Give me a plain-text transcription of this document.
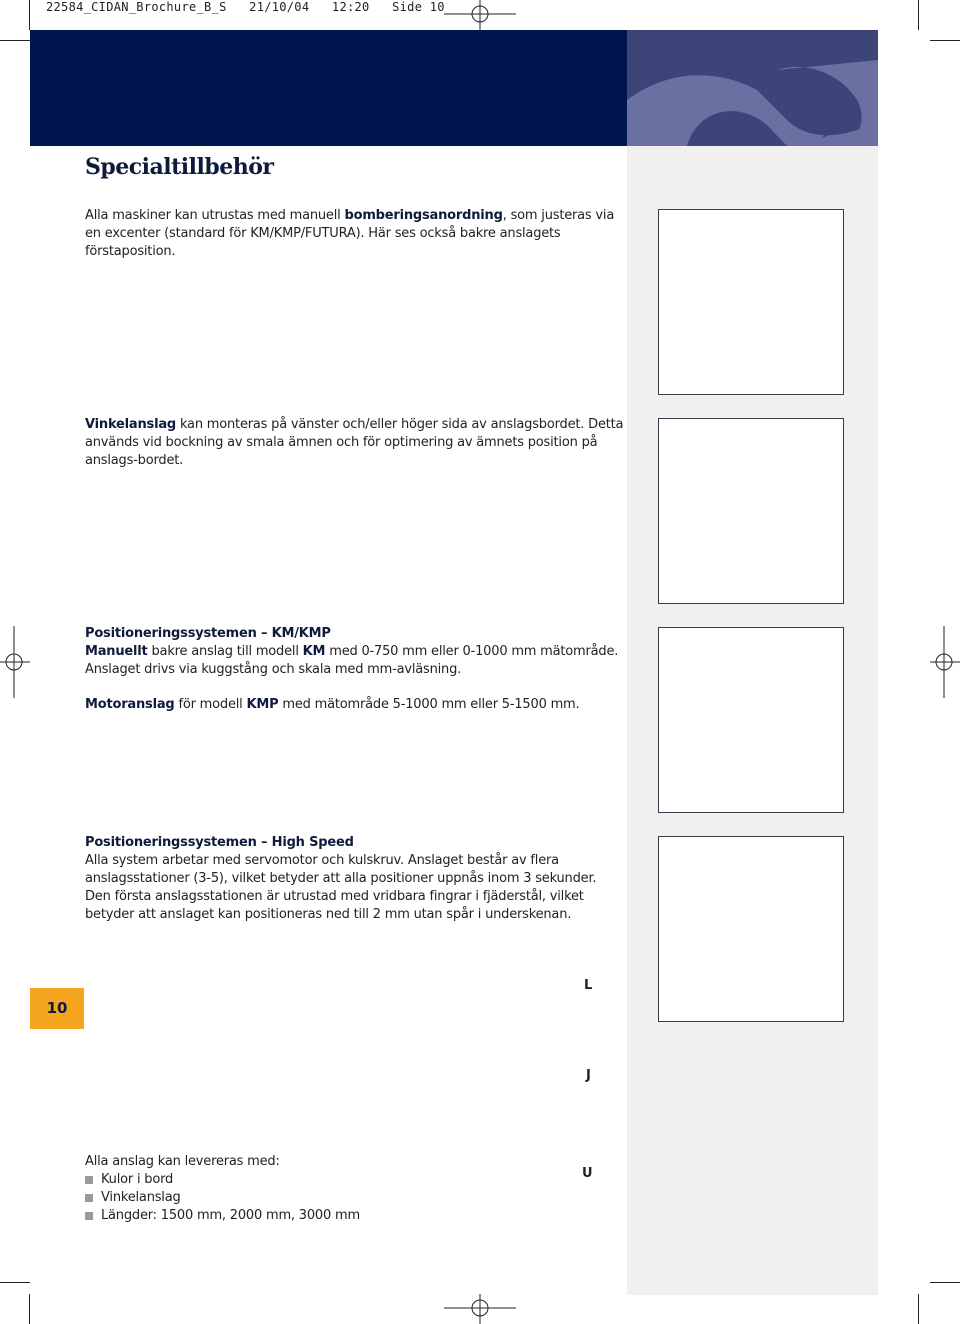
22584_CIDAN_Brochure_B_S   21/10/04   12:20   Side 10
Specialtillbehör
Alla maskiner kan utrustas med manuell bomberingsanordning, som justeras via en excenter (standard för KM/KMP/FUTURA). Här ses också bakre anslagets förstaposition.
Vinkelanslag kan monteras på vänster och/eller höger sida av anslagsbordet. Detta används vid bockning av smala ämnen och för optimering av ämnets position på anslags-bordet.
Positioneringssystemen – KM/KMP
Manuellt bakre anslag till modell KM med 0-750 mm eller 0-1000 mm mätområde.
Anslaget drivs via kuggstång och skala med mm-avläsning.
Motoranslag för modell KMP med mätområde 5-1000 mm eller 5-1500 mm.
Positioneringssystemen – High Speed
Alla system arbetar med servomotor och kulskruv. Anslaget består av flera anslagsstationer (3-5), vilket betyder att alla positioner uppnås inom 3 sekunder.
Den första anslagsstationen är utrustad med vridbara fingrar i fjäderstål, vilket betyder att anslaget kan positioneras ned till 2 mm utan spår i underskenan.
10
L
J
U
Alla anslag kan levereras med:
Kulor i bord
Vinkelanslag
Längder: 1500 mm, 2000 mm, 3000 mm
